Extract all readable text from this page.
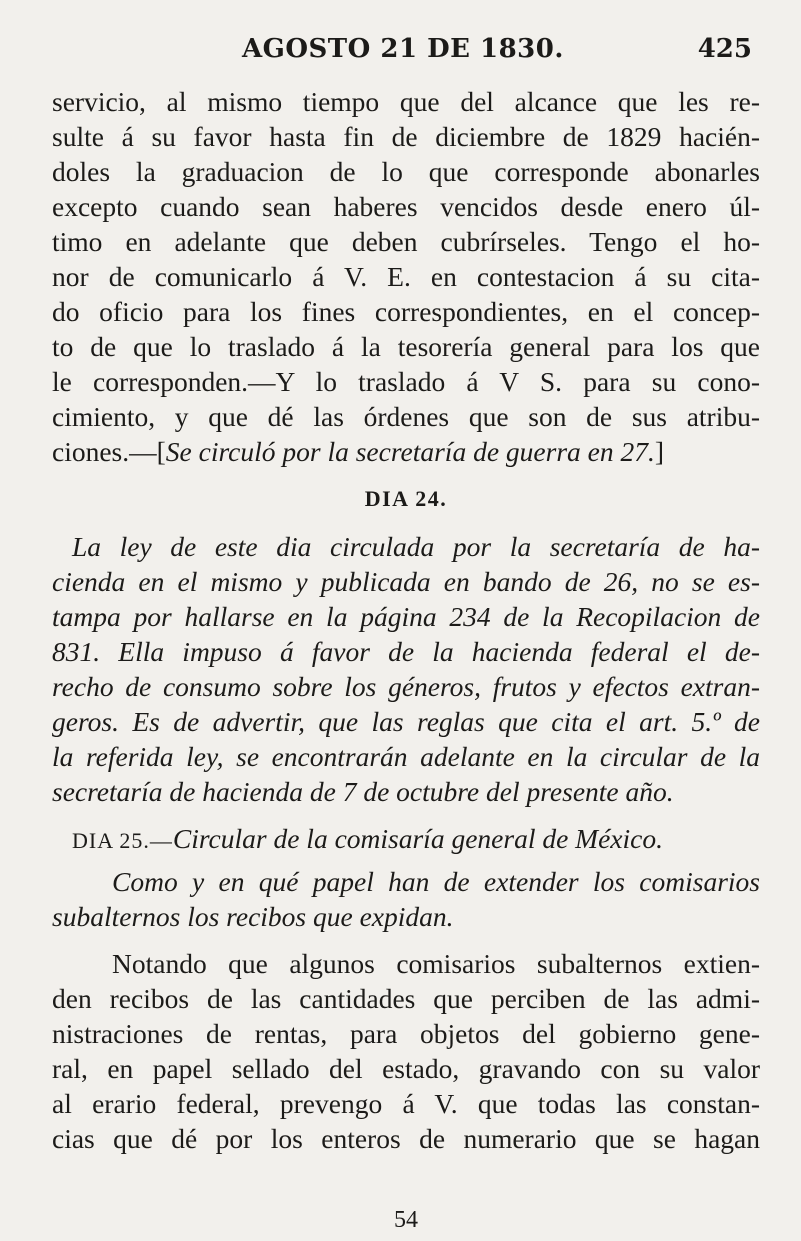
AGOSTO 21 DE 1830.	425
servicio, al mismo tiempo que del alcance que les re-
sulte á su favor hasta fin de diciembre de 1829 hacién-
doles la graduacion de lo que corresponde abonarles
excepto cuando sean haberes vencidos desde enero úl-
timo en adelante que deben cubrírseles. Tengo el ho-
nor de comunicarlo á V. E. en contestacion á su cita-
do oficio para los fines correspondientes, en el concep-
to de que lo traslado á la tesorería general para los que
le corresponden.—Y lo traslado á V S. para su cono-
cimiento, y que dé las órdenes que son de sus atribu-
ciones.—[Se circuló por la secretaría de guerra en 27.]
DIA 24.
La ley de este dia circulada por la secretaría de ha-
cienda en el mismo y publicada en bando de 26, no se es-
tampa por hallarse en la página 234 de la Recopilacion de
831. Ella impuso á favor de la hacienda federal el de-
recho de consumo sobre los géneros, frutos y efectos extran-
geros. Es de advertir, que las reglas que cita el art. 5.º de
la referida ley, se encontrarán adelante en la circular de la
secretaría de hacienda de 7 de octubre del presente año.
DIA 25.—Circular de la comisaría general de México.
Como y en qué papel han de extender los comisarios
subalternos los recibos que expidan.
Notando que algunos comisarios subalternos extien-
den recibos de las cantidades que perciben de las admi-
nistraciones de rentas, para objetos del gobierno gene-
ral, en papel sellado del estado, gravando con su valor
al erario federal, prevengo á V. que todas las constan-
cias que dé por los enteros de numerario que se hagan
54
